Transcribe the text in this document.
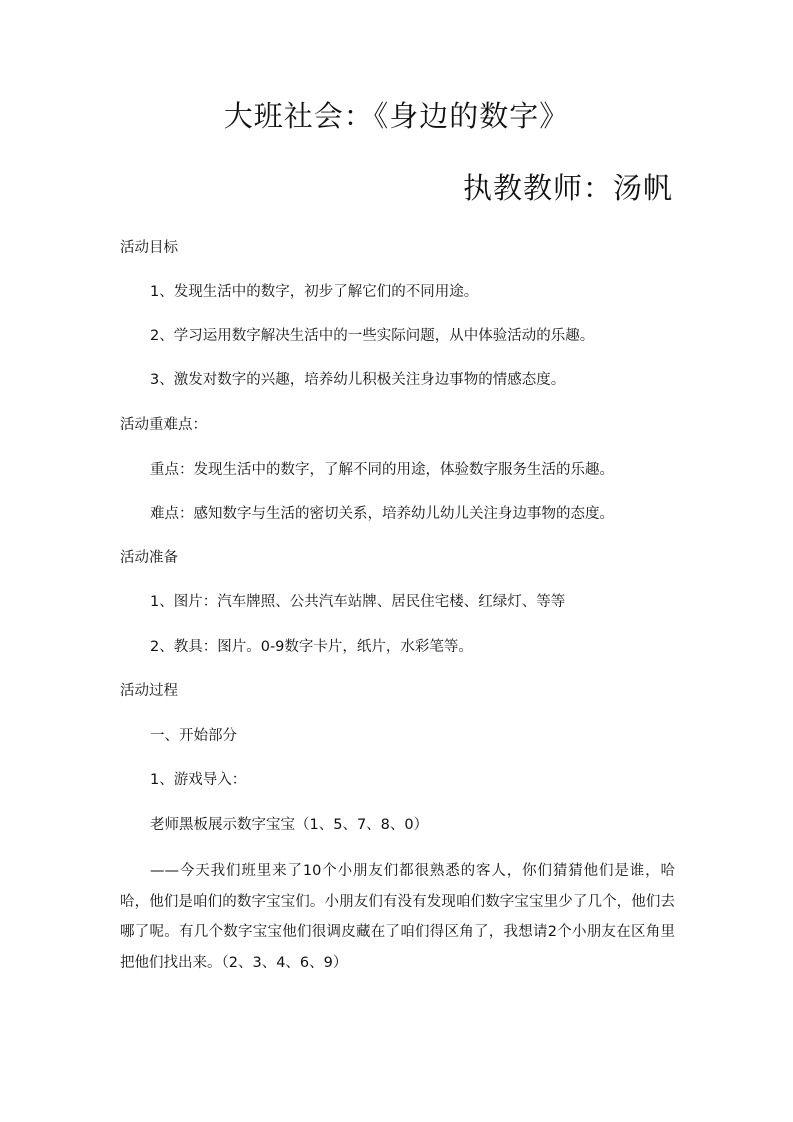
大班社会：《身边的数字》
执教教师：汤帆
活动目标
1、发现生活中的数字，初步了解它们的不同用途。
2、学习运用数字解决生活中的一些实际问题，从中体验活动的乐趣。
3、激发对数字的兴趣，培养幼儿积极关注身边事物的情感态度。
活动重难点：
重点：发现生活中的数字，了解不同的用途，体验数字服务生活的乐趣。
难点：感知数字与生活的密切关系，培养幼儿幼儿关注身边事物的态度。
活动准备
1、图片：汽车牌照、公共汽车站牌、居民住宅楼、红绿灯、等等
2、教具：图片。0-9数字卡片，纸片，水彩笔等。
活动过程
一、开始部分
1、游戏导入：
老师黑板展示数字宝宝（1、5、7、8、0）
——今天我们班里来了10个小朋友们都很熟悉的客人，你们猜猜他们是谁，哈哈，他们是咱们的数字宝宝们。小朋友们有没有发现咱们数字宝宝里少了几个，他们去哪了呢。有几个数字宝宝他们很调皮藏在了咱们得区角了，我想请2个小朋友在区角里把他们找出来。（2、3、4、6、9）
